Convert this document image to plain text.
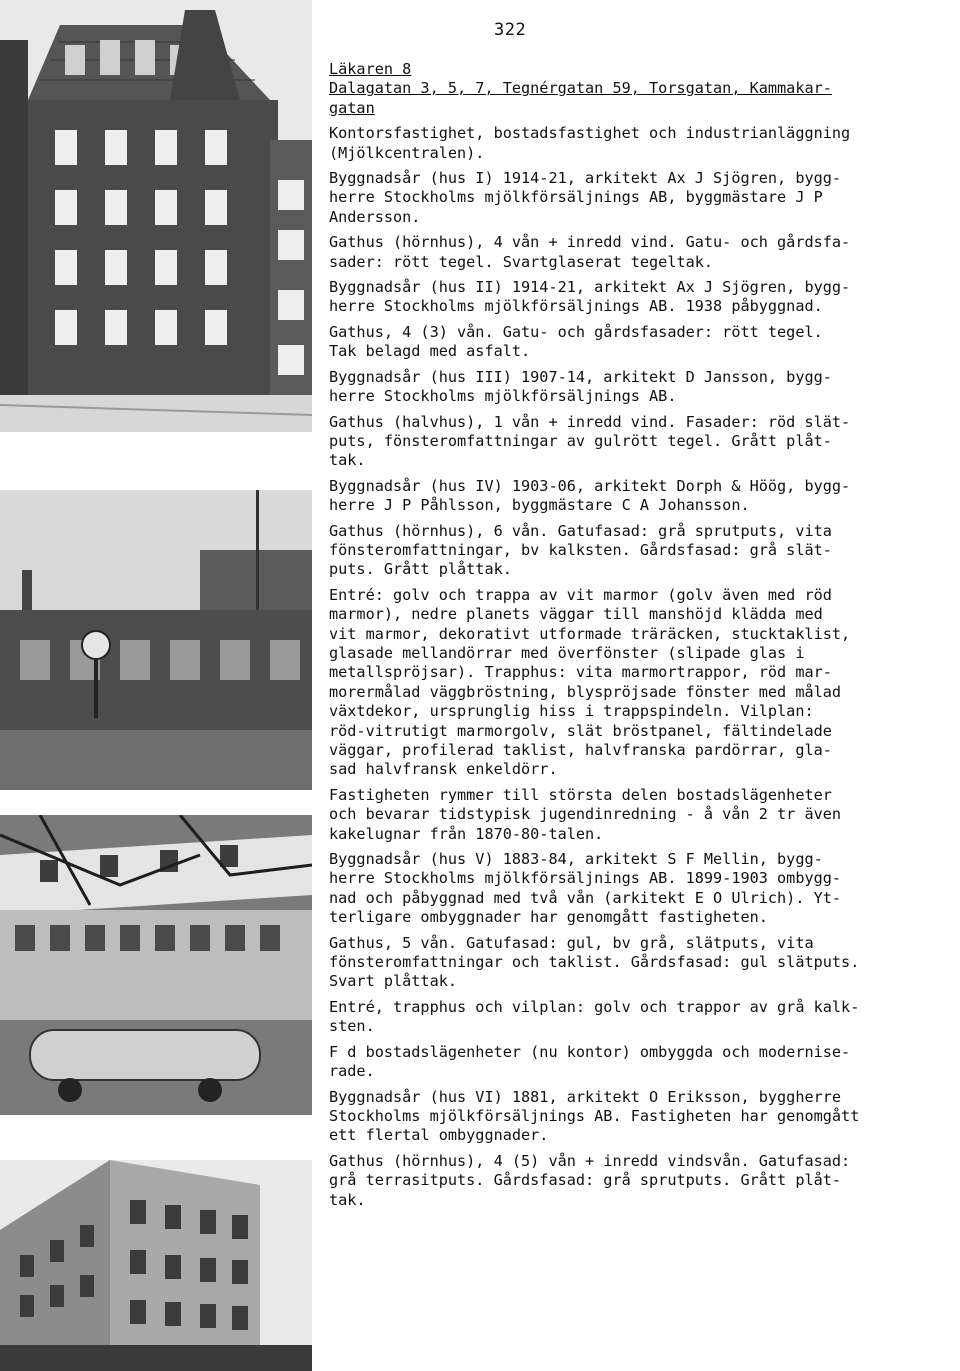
322
Läkaren 8
Dalagatan 3, 5, 7, Tegnérgatan 59, Torsgatan, Kammakar-
gatan

Kontorsfastighet, bostadsfastighet och industrianläggning
(Mjölkcentralen).

Byggnadsår (hus I) 1914-21, arkitekt Ax J Sjögren, bygg-
herre Stockholms mjölkförsäljnings AB, byggmästare J P
Andersson.

Gathus (hörnhus), 4 vån + inredd vind. Gatu- och gårdsfa-
sader: rött tegel. Svartglaserat tegeltak.

Byggnadsår (hus II) 1914-21, arkitekt Ax J Sjögren, bygg-
herre Stockholms mjölkförsäljnings AB. 1938 påbyggnad.

Gathus, 4 (3) vån. Gatu- och gårdsfasader: rött tegel.
Tak belagd med asfalt.

Byggnadsår (hus III) 1907-14, arkitekt D Jansson, bygg-
herre Stockholms mjölkförsäljnings AB.

Gathus (halvhus), 1 vån + inredd vind. Fasader: röd slät-
puts, fönsteromfattningar av gulrött tegel. Grått plåt-
tak.

Byggnadsår (hus IV) 1903-06, arkitekt Dorph & Höög, bygg-
herre J P Påhlsson, byggmästare C A Johansson.

Gathus (hörnhus), 6 vån. Gatufasad: grå sprutputs, vita
fönsteromfattningar, bv kalksten. Gårdsfasad: grå slät-
puts. Grått plåttak.

Entré: golv och trappa av vit marmor (golv även med röd
marmor), nedre planets väggar till manshöjd klädda med
vit marmor, dekorativt utformade träräcken, stucktaklist,
glasade mellandörrar med överfönster (slipade glas i
metallspröjsar). Trapphus: vita marmortrappor, röd mar-
morermålad väggbröstning, blyspröjsade fönster med målad
växtdekor, ursprunglig hiss i trappspindeln. Vilplan:
röd-vitrutigt marmorgolv, slät bröstpanel, fältindelade
väggar, profilerad taklist, halvfranska pardörrar, gla-
sad halvfransk enkeldörr.

Fastigheten rymmer till största delen bostadslägenheter
och bevarar tidstypisk jugendinredning - å vån 2 tr även
kakelugnar från 1870-80-talen.

Byggnadsår (hus V) 1883-84, arkitekt S F Mellin, bygg-
herre Stockholms mjölkförsäljnings AB. 1899-1903 ombygg-
nad och påbyggnad med två vån (arkitekt E O Ulrich). Yt-
terligare ombyggnader har genomgått fastigheten.

Gathus, 5 vån. Gatufasad: gul, bv grå, slätputs, vita
fönsteromfattningar och taklist. Gårdsfasad: gul slätputs.
Svart plåttak.

Entré, trapphus och vilplan: golv och trappor av grå kalk-
sten.

F d bostadslägenheter (nu kontor) ombyggda och modernise-
rade.

Byggnadsår (hus VI) 1881, arkitekt O Eriksson, byggherre
Stockholms mjölkförsäljnings AB. Fastigheten har genomgått
ett flertal ombyggnader.

Gathus (hörnhus), 4 (5) vån + inredd vindsvån. Gatufasad:
grå terrasitputs. Gårdsfasad: grå sprutputs. Grått plåt-
tak.
